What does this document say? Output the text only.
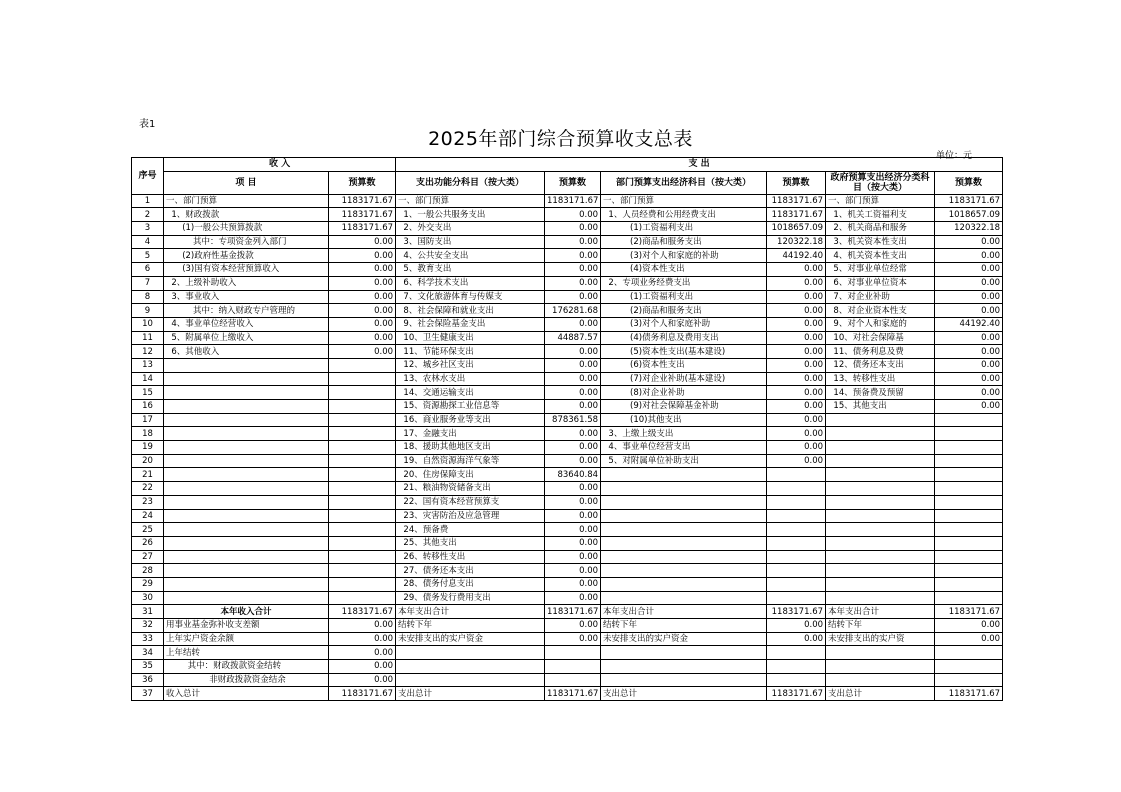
表1
2025年部门综合预算收支总表
单位：元
序号	收 入		支 出					
	项 目	预算数	支出功能分科目（按大类）	预算数	部门预算支出经济科目（按大类）	预算数	政府预算支出经济分类科目（按大类）	预算数
1	一、部门预算	1183171.67	一、部门预算	1183171.67	一、部门预算	1183171.67	一、部门预算	1183171.67
2	1、财政拨款	1183171.67	1、一般公共服务支出	0.00	1、人员经费和公用经费支出	1183171.67	1、机关工资福利支	1018657.09
3	(1)一般公共预算拨款	1183171.67	2、外交支出	0.00	(1)工资福利支出	1018657.09	2、机关商品和服务	120322.18
4	其中：专项资金列入部门	0.00	3、国防支出	0.00	(2)商品和服务支出	120322.18	3、机关资本性支出	0.00
5	(2)政府性基金拨款	0.00	4、公共安全支出	0.00	(3)对个人和家庭的补助	44192.40	4、机关资本性支出	0.00
6	(3)国有资本经营预算收入	0.00	5、教育支出	0.00	(4)资本性支出	0.00	5、对事业单位经常	0.00
7	2、上级补助收入	0.00	6、科学技术支出	0.00	2、专项业务经费支出	0.00	6、对事业单位资本	0.00
8	3、事业收入	0.00	7、文化旅游体育与传媒支	0.00	(1)工资福利支出	0.00	7、对企业补助	0.00
9	其中：纳入财政专户管理的	0.00	8、社会保障和就业支出	176281.68	(2)商品和服务支出	0.00	8、对企业资本性支	0.00
10	4、事业单位经营收入	0.00	9、社会保险基金支出	0.00	(3)对个人和家庭补助	0.00	9、对个人和家庭的	44192.40
11	5、附属单位上缴收入	0.00	10、卫生健康支出	44887.57	(4)债务利息及费用支出	0.00	10、对社会保障基	0.00
12	6、其他收入	0.00	11、节能环保支出	0.00	(5)资本性支出(基本建设)	0.00	11、债务利息及费	0.00
13			12、城乡社区支出	0.00	(6)资本性支出	0.00	12、债务还本支出	0.00
14			13、农林水支出	0.00	(7)对企业补助(基本建设)	0.00	13、转移性支出	0.00
15			14、交通运输支出	0.00	(8)对企业补助	0.00	14、预备费及预留	0.00
16			15、资源勘探工业信息等	0.00	(9)对社会保障基金补助	0.00	15、其他支出	0.00
17			16、商业服务业等支出	878361.58	(10)其他支出	0.00		
18			17、金融支出	0.00	3、上缴上级支出	0.00		
19			18、援助其他地区支出	0.00	4、事业单位经营支出	0.00		
20			19、自然资源海洋气象等	0.00	5、对附属单位补助支出	0.00		
21			20、住房保障支出	83640.84				
22			21、粮油物资储备支出	0.00				
23			22、国有资本经营预算支	0.00				
24			23、灾害防治及应急管理	0.00				
25			24、预备费	0.00				
26			25、其他支出	0.00				
27			26、转移性支出	0.00				
28			27、债务还本支出	0.00				
29			28、债务付息支出	0.00				
30			29、债务发行费用支出	0.00				
31	本年收入合计	1183171.67	本年支出合计	1183171.67	本年支出合计	1183171.67	本年支出合计	1183171.67
32	用事业基金弥补收支差额	0.00	结转下年	0.00	结转下年	0.00	结转下年	0.00
33	上年实户资金余额	0.00	未安排支出的实户资金	0.00	未安排支出的实户资金	0.00	未安排支出的实户资	0.00
34	上年结转	0.00						
35	其中：财政拨款资金结转	0.00						
36	非财政拨款资金结余	0.00						
37	收入总计	1183171.67	支出总计	1183171.67	支出总计	1183171.67	支出总计	1183171.67
